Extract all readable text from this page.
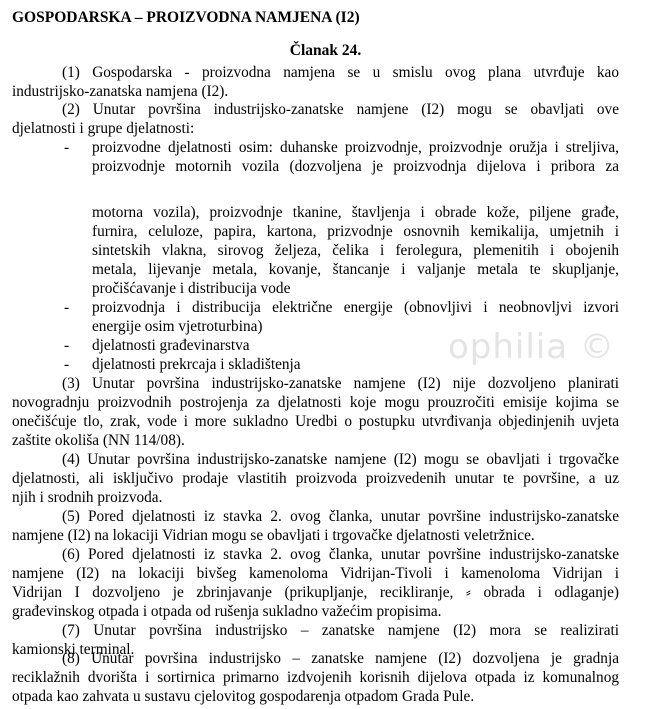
ophilia ©
GOSPODARSKA – PROIZVODNA NAMJENA (I2)
Članak 24.

(1) Gospodarska - proizvodna namjena se u smislu ovog plana utvrđuje kao

industrijsko-zanatska namjena (I2).

(2) Unutar površina industrijsko-zanatske namjene (I2) mogu se obavljati ove

djelatnosti i grupe djelatnosti:

- proizvodne djelatnosti osim: duhanske proizvodnje, proizvodnje oružja i streljiva,

proizvodnje motornih vozila (dozvoljena je proizvodnja dijelova i pribora za

motorna vozila), proizvodnje tkanine, štavljenja i obrade kože, piljene građe,

furnira, celuloze, papira, kartona, prizvodnje osnovnih kemikalija, umjetnih i

sintetskih vlakna, sirovog željeza, čelika i ferolegura, plemenitih i obojenih

metala, lijevanje metala, kovanje, štancanje i valjanje metala te skupljanje,

pročišćavanje i distribucija vode

- proizvodnja i distribucija električne energije (obnovljivi i neobnovljvi izvori

energije osim vjetroturbina)

- djelatnosti građevinarstva

- djelatnosti prekrcaja i skladištenja

(3) Unutar površina industrijsko-zanatske namjene (I2) nije dozvoljeno planirati

novogradnju proizvodnih postrojenja za djelatnosti koje mogu prouzročiti emisije kojima se

onečišćuje tlo, zrak, vode i more sukladno Uredbi o postupku utvrđivanja objedinjenih uvjeta

zaštite okoliša (NN 114/08).

(4) Unutar površina industrijsko-zanatske namjene (I2) mogu se obavljati i trgovačke

djelatnosti, ali isključivo prodaje vlastitih proizvoda proizvedenih unutar te površine, a uz

njih i srodnih proizvoda.

(5) Pored djelatnosti iz stavka 2. ovog članka, unutar površine industrijsko-zanatske

namjene (I2) na lokaciji Vidrian mogu se obavljati i trgovačke djelatnosti veletržnice.

(6) Pored djelatnosti iz stavka 2. ovog članka, unutar površine industrijsko-zanatske

namjene (I2) na lokaciji bivšeg kamenoloma Vidrijan-Tivoli i kamenoloma Vidrijan i

Vidrijan I dozvoljeno je zbrinjavanje (prikupljanje, recikliranje, ⸗ obrada i odlaganje)

građevinskog otpada i otpada od rušenja sukladno važećim propisima.

(7) Unutar površina industrijsko – zanatske namjene (I2) mora se realizirati

kamionski terminal.

(8) Unutar površina industrijsko – zanatske namjene (I2) dozvoljena je gradnja

reciklažnih dvorišta i sortirnica primarno izdvojenih korisnih dijelova otpada iz komunalnog

otpada kao zahvata u sustavu cjelovitog gospodarenja otpadom Grada Pule.
